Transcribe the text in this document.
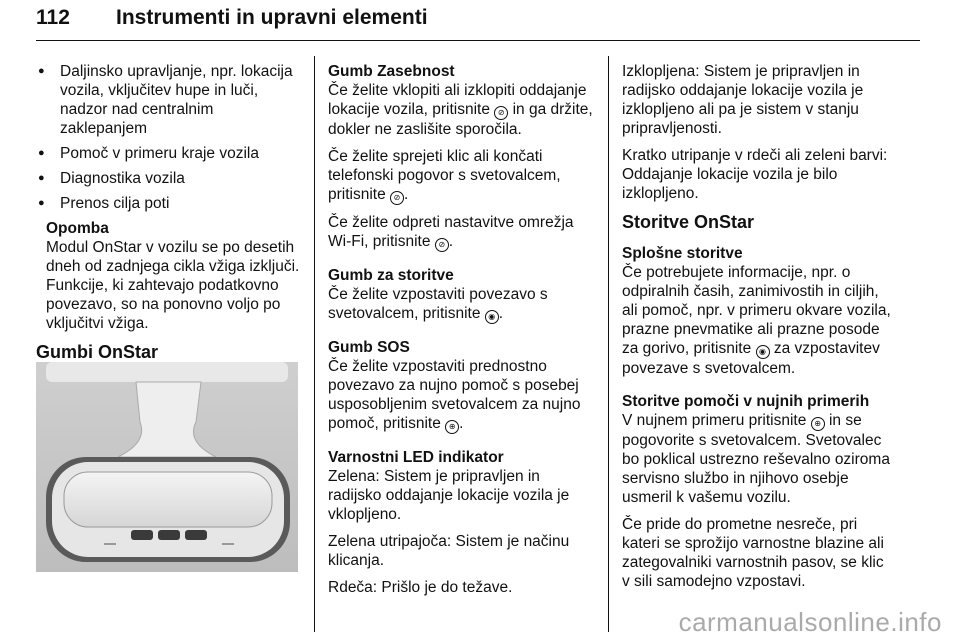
112 Instrumenti in upravni elementi
● Daljinsko upravljanje, npr. lokacija vozila, vključitev hupe in luči, nadzor nad centralnim zaklepanjem
● Pomoč v primeru kraje vozila
● Diagnostika vozila
● Prenos cilja poti
Opomba
Modul OnStar v vozilu se po desetih dneh od zadnjega cikla vžiga izključi. Funkcije, ki zahtevajo podatkovno povezavo, so na ponovno voljo po vključitvi vžiga.
Gumbi OnStar

Gumb Zasebnost
Če želite vklopiti ali izklopiti oddajanje lokacije vozila, pritisnite ⊘ in ga držite, dokler ne zaslišite sporočila.

Če želite sprejeti klic ali končati telefonski pogovor s svetovalcem, pritisnite ⊘ .

Če želite odpreti nastavitve omrežja Wi-Fi, pritisnite ⊘ .

Gumb za storitve

Če želite vzpostaviti povezavo s svetovalcem, pritisnite ◉ .

Gumb SOS

Če želite vzpostaviti prednostno povezavo za nujno pomoč s posebej usposobljenim svetovalcem za nujno pomoč, pritisnite ⊕ .

Varnostni LED indikator

Zelena: Sistem je pripravljen in radijsko oddajanje lokacije vozila je vklopljeno.

Zelena utripajoča: Sistem je načinu klicanja.

Rdeča: Prišlo je do težave.

Izklopljena: Sistem je pripravljen in radijsko oddajanje lokacije vozila je izklopljeno ali pa je sistem v stanju pripravljenosti.

Kratko utripanje v rdeči ali zeleni barvi: Oddajanje lokacije vozila je bilo izklopljeno.

Storitve OnStar

Splošne storitve
Če potrebujete informacije, npr. o odpiralnih časih, zanimivostih in ciljih, ali pomoč, npr. v primeru okvare vozila, prazne pnevmatike ali prazne posode za gorivo, pritisnite ◉ za vzpostavitev povezave s svetovalcem.

Storitve pomoči v nujnih primerih

V nujnem primeru pritisnite ⊕ in se pogovorite s svetovalcem. Svetovalec bo poklical ustrezno reševalno oziroma servisno službo in njihovo osebje usmeril k vašemu vozilu.

Če pride do prometne nesreče, pri kateri se sprožijo varnostne blazine ali zategovalniki varnostnih pasov, se klic v sili samodejno vzpostavi.

carmanualsonline.info
